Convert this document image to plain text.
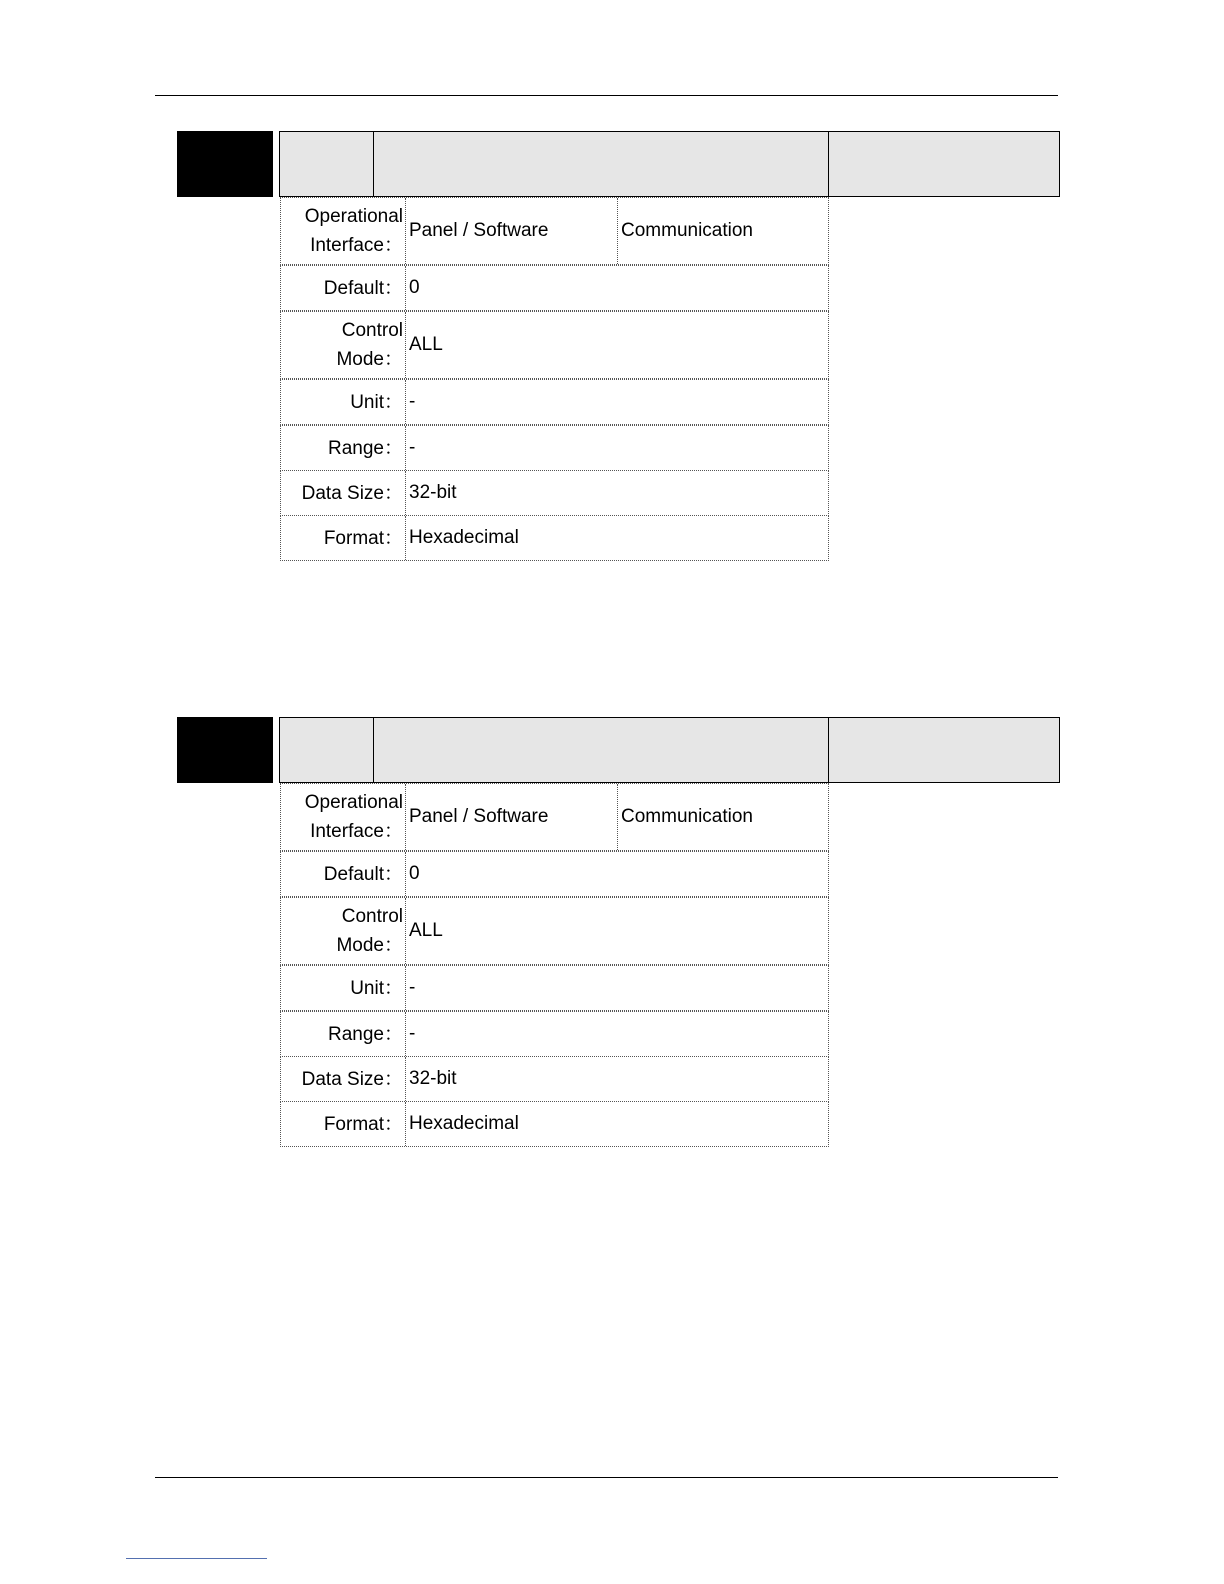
Operational
Interface：
Panel / Software	Communication
Default： 0
Control
Mode：
ALL
Unit： -
Range： -
Data Size： 32-bit
Format： Hexadecimal
Operational
Interface：
Panel / Software	Communication
Default： 0
Control
Mode：
ALL
Unit： -
Range： -
Data Size： 32-bit
Format： Hexadecimal
